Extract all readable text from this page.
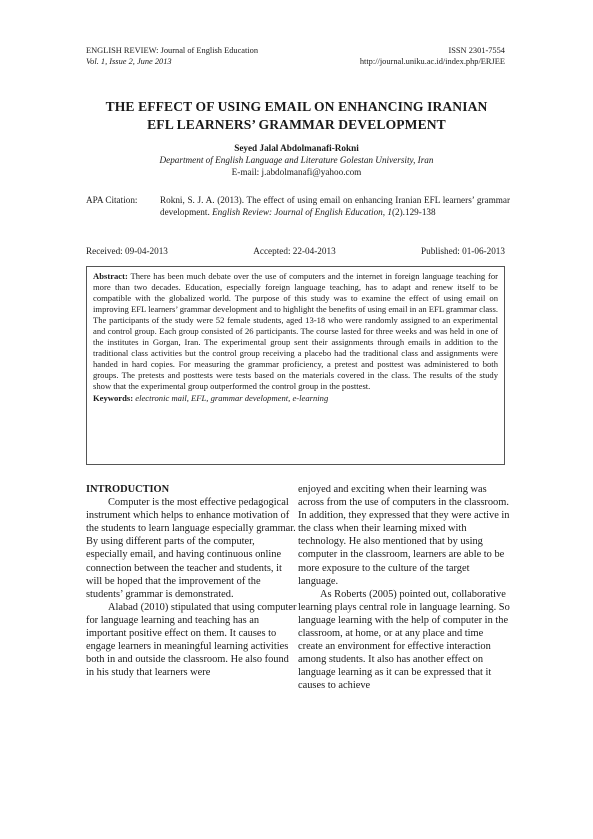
ENGLISH REVIEW: Journal of English Education
Vol. 1, Issue 2, June 2013
ISSN 2301-7554
http://journal.uniku.ac.id/index.php/ERJEE
THE EFFECT OF USING EMAIL ON ENHANCING IRANIAN
EFL LEARNERS’ GRAMMAR DEVELOPMENT
Seyed Jalal Abdolmanafi-Rokni
Department of English Language and Literature Golestan University, Iran
E-mail: j.abdolmanafi@yahoo.com
APA Citation: Rokni, S. J. A. (2013). The effect of using email on enhancing Iranian EFL learners’ grammar development. English Review: Journal of English Education, 1(2).129-138
Received: 09-04-2013	Accepted: 22-04-2013	Published: 01-06-2013
Abstract: There has been much debate over the use of computers and the internet in foreign language teaching for more than two decades. Education, especially foreign language teaching, has to adapt and renew itself to be compatible with the globalized world. The purpose of this study was to examine the effect of using email on improving EFL learners’ grammar development and to highlight the benefits of using email in an EFL grammar class. The participants of the study were 52 female students, aged 13-18 who were randomly assigned to an experimental and control group. Each group consisted of 26 participants. The course lasted for three weeks and was held in one of the institutes in Gorgan, Iran. The experimental group sent their assignments through emails in addition to the traditional class activities but the control group receiving a placebo had the traditional class and assignments were handed in hard copies. For measuring the grammar proficiency, a pretest and posttest was administered to both groups. The pretests and posttests were tests based on the materials covered in the class. The results of the study show that the experimental group outperformed the control group in the posttest.
Keywords: electronic mail, EFL, grammar development, e-learning

INTRODUCTION

Computer is the most effective pedagogical instrument which helps to enhance motivation of the students to learn language especially grammar. By using different parts of the computer, especially email, and having continuous online connection between the teacher and students, it will be hoped that the improvement of the students’ grammar is demonstrated.

Alabad (2010) stipulated that using computer for language learning and teaching has an important positive effect on them. It causes to engage learners in meaningful learning activities both in and outside the classroom. He also found in his study that learners were

enjoyed and exciting when their learning was across from the use of computers in the classroom. In addition, they expressed that they were active in the class when their learning mixed with technology. He also mentioned that by using computer in the classroom, learners are able to be more exposure to the culture of the target language.

As Roberts (2005) pointed out, collaborative learning plays central role in language learning. So language learning with the help of computer in the classroom, at home, or at any place and time create an environment for effective interaction among students. It also has another effect on language learning as it can be expressed that it causes to achieve
